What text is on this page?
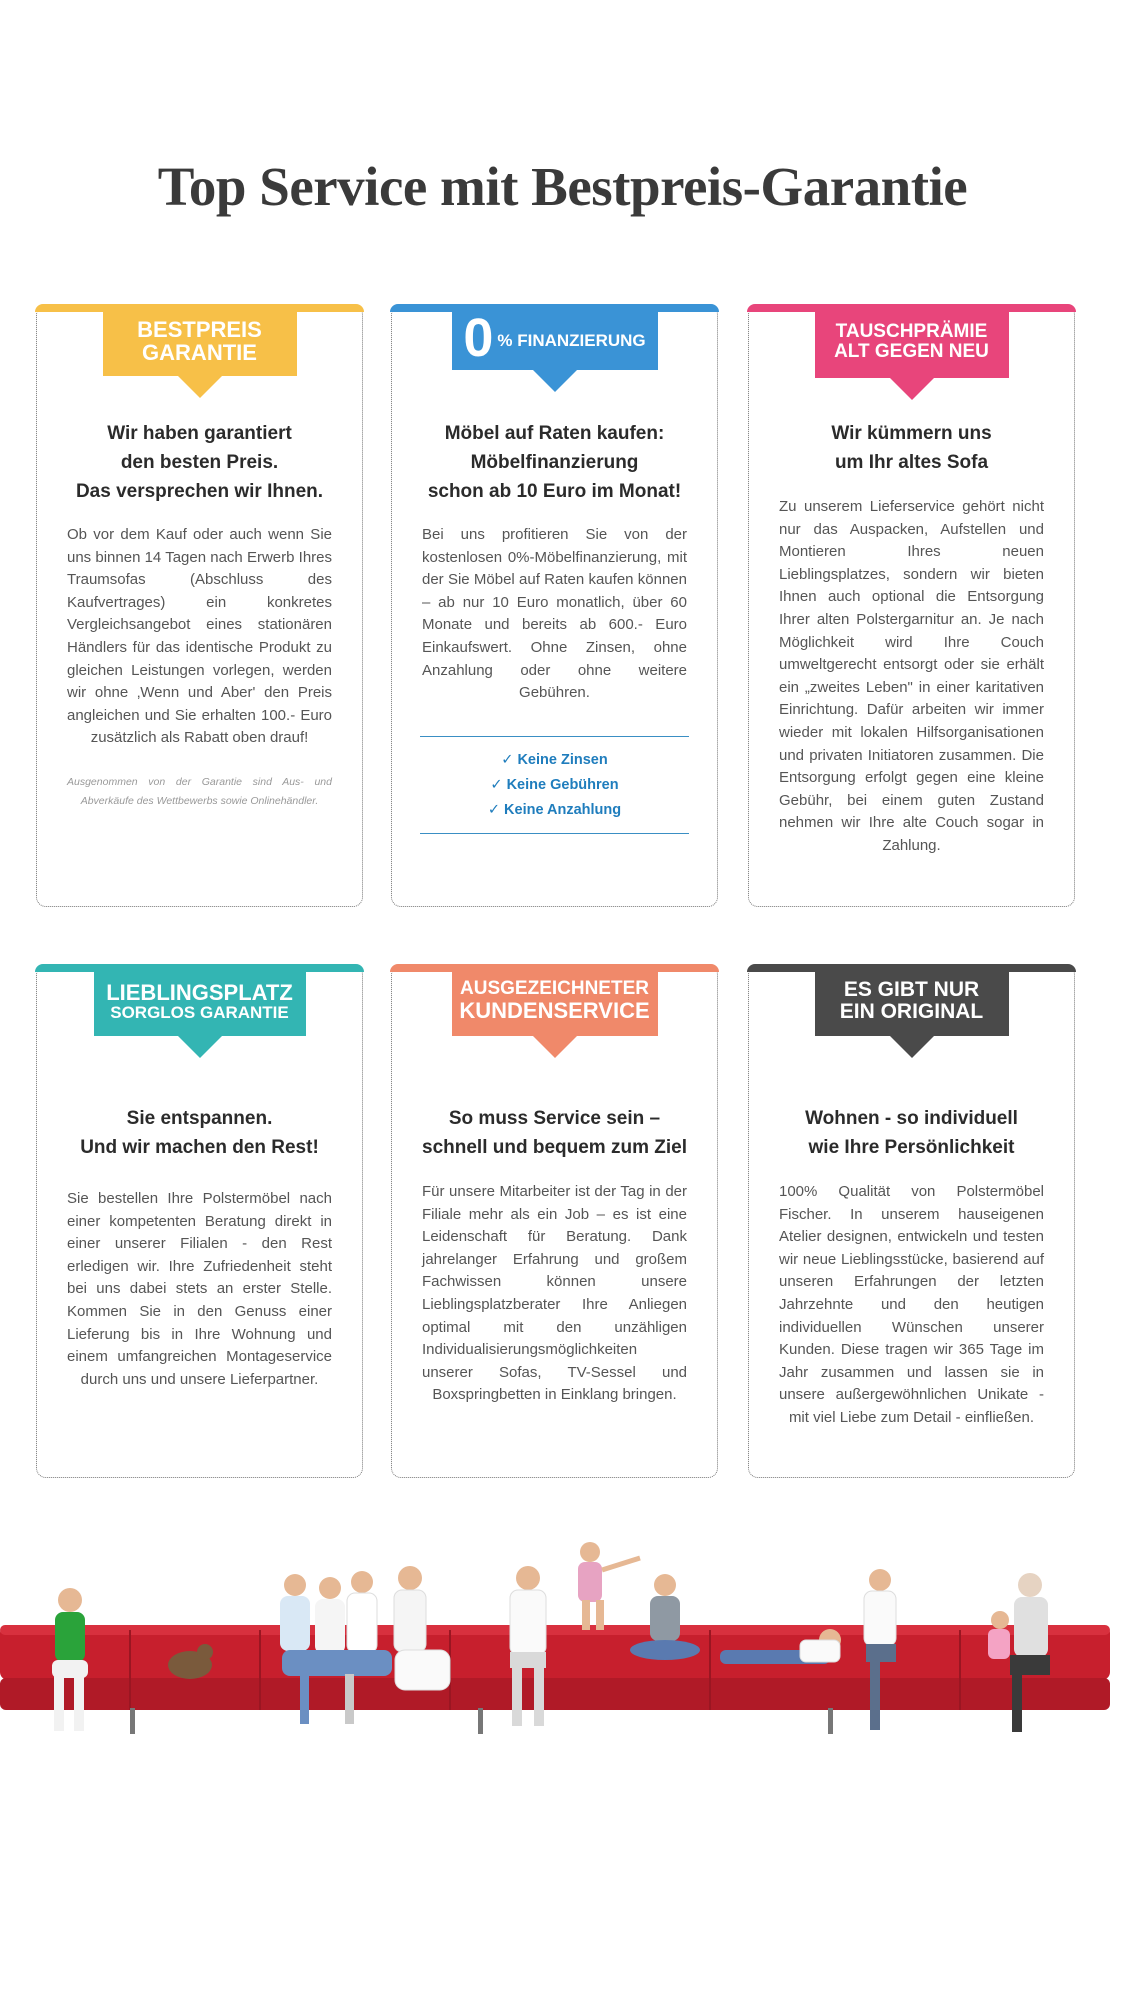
Top Service mit Bestpreis-Garantie
BESTPREIS
GARANTIE
Wir haben garantiert
den besten Preis.
Das versprechen wir Ihnen.

Ob vor dem Kauf oder auch wenn Sie uns binnen 14 Tagen nach Erwerb Ihres Traumsofas (Abschluss des Kaufvertrages) ein konkretes Vergleichsangebot eines stationären Händlers für das identische Produkt zu gleichen Leistungen vorlegen, werden wir ohne ‚Wenn und Aber' den Preis angleichen und Sie erhalten 100.- Euro zusätzlich als Rabatt oben drauf!

Ausgenommen von der Garantie sind Aus- und Abverkäufe des Wettbewerbs sowie Onlinehändler.

0 % FINANZIERUNG
Möbel auf Raten kaufen:
Möbelfinanzierung
schon ab 10 Euro im Monat!

Bei uns profitieren Sie von der kostenlosen 0%-Möbelfinanzierung, mit der Sie Möbel auf Raten kaufen können – ab nur 10 Euro monatlich, über 60 Monate und bereits ab 600.- Euro Einkaufswert. Ohne Zinsen, ohne Anzahlung oder ohne weitere Gebühren.

✓ Keine Zinsen
✓ Keine Gebühren
✓ Keine Anzahlung
TAUSCHPRÄMIE
ALT GEGEN NEU
Wir kümmern uns
um Ihr altes Sofa

Zu unserem Lieferservice gehört nicht nur das Auspacken, Aufstellen und Montieren Ihres neuen Lieblingsplatzes, sondern wir bieten Ihnen auch optional die Entsorgung Ihrer alten Polstergarnitur an. Je nach Möglichkeit wird Ihre Couch umweltgerecht entsorgt oder sie erhält ein „zweites Leben" in einer karitativen Einrichtung. Dafür arbeiten wir immer wieder mit lokalen Hilfsorganisationen und privaten Initiatoren zusammen. Die Entsorgung erfolgt gegen eine kleine Gebühr, bei einem guten Zustand nehmen wir Ihre alte Couch sogar in Zahlung.

LIEBLINGSPLATZ
SORGLOS GARANTIE
Sie entspannen.
Und wir machen den Rest!

Sie bestellen Ihre Polstermöbel nach einer kompetenten Beratung direkt in einer unserer Filialen - den Rest erledigen wir. Ihre Zufriedenheit steht bei uns dabei stets an erster Stelle. Kommen Sie in den Genuss einer Lieferung bis in Ihre Wohnung und einem umfangreichen Montageservice durch uns und unsere Lieferpartner.

AUSGEZEICHNETER
KUNDENSERVICE
So muss Service sein –
schnell und bequem zum Ziel

Für unsere Mitarbeiter ist der Tag in der Filiale mehr als ein Job – es ist eine Leidenschaft für Beratung. Dank jahrelanger Erfahrung und großem Fachwissen können unsere Lieblingsplatzberater Ihre Anliegen optimal mit den unzähligen Individualisierungsmöglichkeiten unserer Sofas, TV-Sessel und Boxspringbetten in Einklang bringen.

ES GIBT NUR
EIN ORIGINAL
Wohnen - so individuell
wie Ihre Persönlichkeit

100% Qualität von Polstermöbel Fischer. In unserem hauseigenen Atelier designen, entwickeln und testen wir neue Lieblingsstücke, basierend auf unseren Erfahrungen der letzten Jahrzehnte und den heutigen individuellen Wünschen unserer Kunden. Diese tragen wir 365 Tage im Jahr zusammen und lassen sie in unsere außergewöhnlichen Unikate - mit viel Liebe zum Detail - einfließen.
